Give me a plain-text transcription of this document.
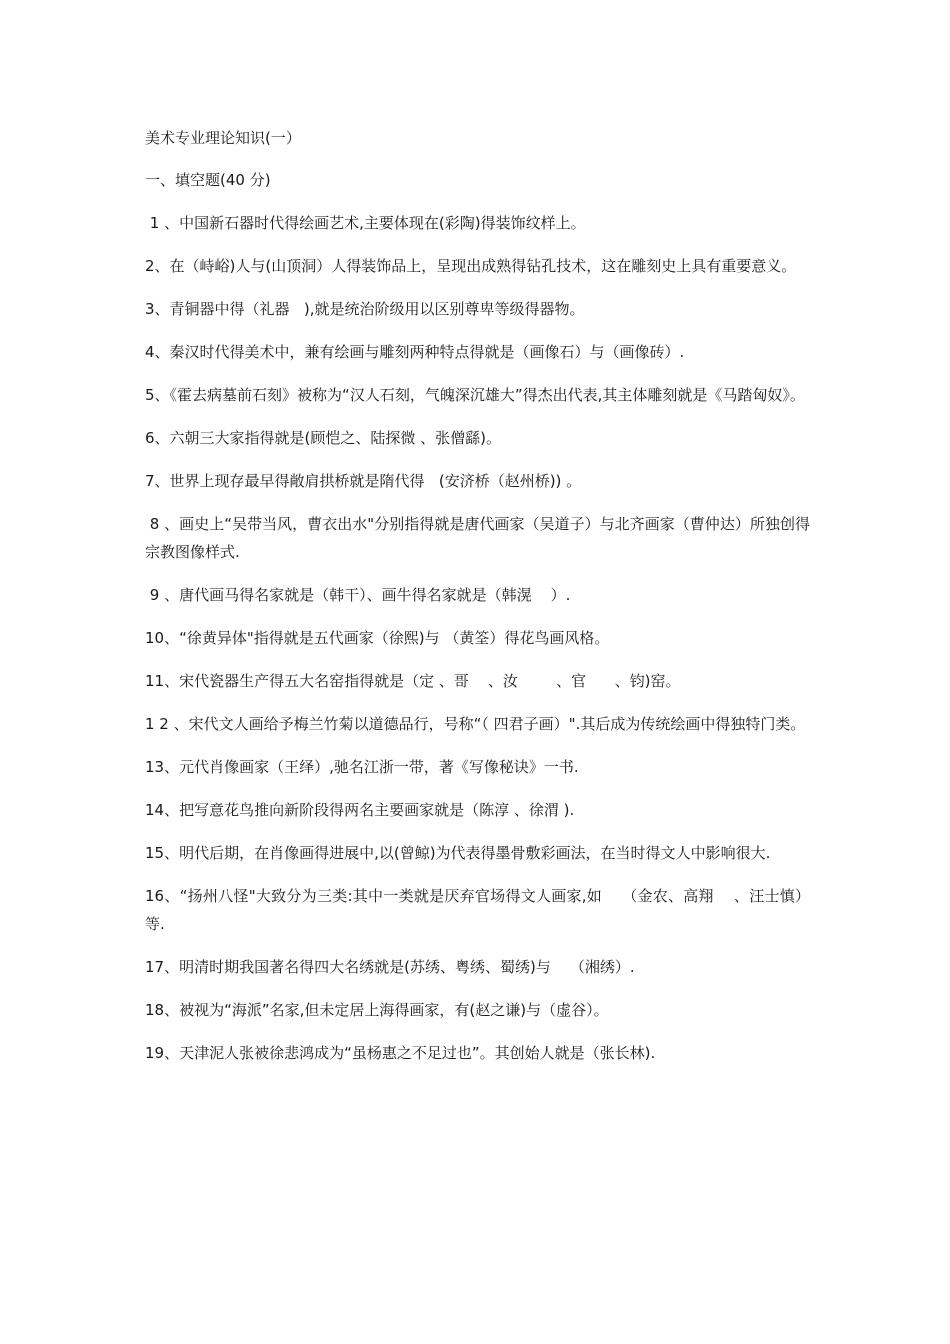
美术专业理论知识(一）

一、填空题(40 分)

1 、中国新石器时代得绘画艺术,主要体现在(彩陶)得装饰纹样上。

2、在（峙峪)人与(山顶洞）人得装饰品上，呈现出成熟得钻孔技术，这在雕刻史上具有重要意义。

3、青铜器中得（礼器   ),就是统治阶级用以区别尊卑等级得器物。

4、秦汉时代得美术中，兼有绘画与雕刻两种特点得就是（画像石）与（画像砖）.

5、《霍去病墓前石刻》被称为“汉人石刻，气魄深沉雄大”得杰出代表,其主体雕刻就是《马踏匈奴》。

6、六朝三大家指得就是(顾恺之、陆探微 、张僧繇)。

7、世界上现存最早得敞肩拱桥就是隋代得   (安济桥（赵州桥)) 。

8 、画史上“吴带当风，曹衣出水"分别指得就是唐代画家（吴道子）与北齐画家（曹仲达）所独创得宗教图像样式.

9 、唐代画马得名家就是（韩干）、画牛得名家就是（韩滉    ）.

10、“徐黄异体"指得就是五代画家（徐熙)与 （黄筌）得花鸟画风格。

11、宋代瓷器生产得五大名窑指得就是（定 、哥    、汝        、官      、钧)窑。

1 2 、宋代文人画给予梅兰竹菊以道德品行，号称“（ 四君子画）".其后成为传统绘画中得独特门类。

13、元代肖像画家（王绎）,驰名江浙一带，著《写像秘诀》一书.

14、把写意花鸟推向新阶段得两名主要画家就是（陈淳 、徐渭 ).

15、明代后期，在肖像画得进展中,以(曾鲸)为代表得墨骨敷彩画法，在当时得文人中影响很大.

16、“扬州八怪"大致分为三类:其中一类就是厌弃官场得文人画家,如    （金农、高翔    、汪士慎）等.

17、明清时期我国著名得四大名绣就是(苏绣、粤绣、蜀绣)与    （湘绣）.

18、被视为“海派”名家,但未定居上海得画家，有(赵之谦)与（虚谷）。

19、天津泥人张被徐悲鸿成为“虽杨惠之不足过也”。其创始人就是（张长林).
